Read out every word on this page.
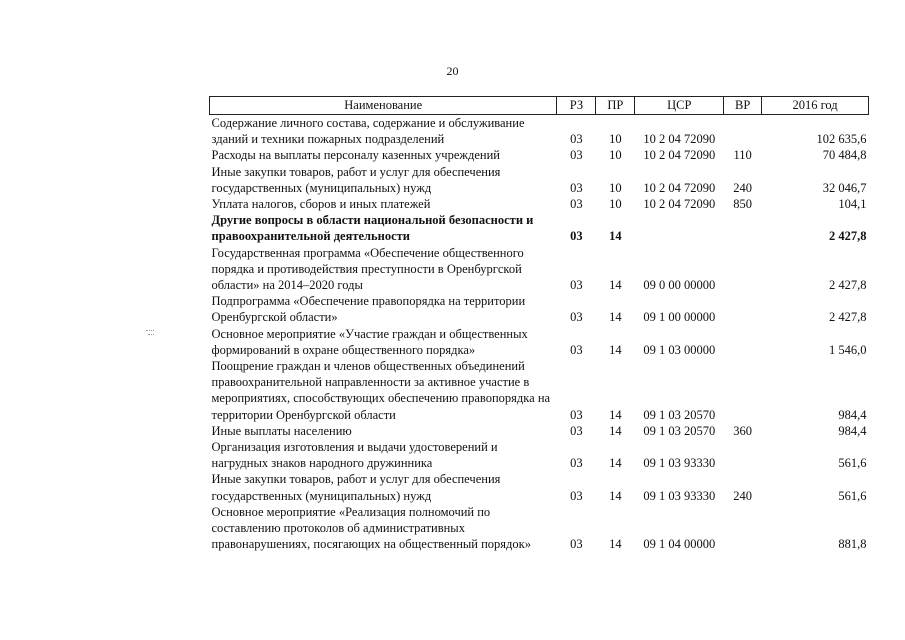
20
Наименование	РЗ	ПР	ЦСР	ВР	2016 год
Содержание личного состава, содержание и обслуживание зданий и техники пожарных подразделений	03	10	10 2 04 72090		102 635,6
Расходы на выплаты персоналу казенных учреждений	03	10	10 2 04 72090	110	70 484,8
Иные закупки товаров, работ и услуг для обеспечения государственных (муниципальных) нужд	03	10	10 2 04 72090	240	32 046,7
Уплата налогов, сборов и иных платежей	03	10	10 2 04 72090	850	104,1
Другие вопросы в области национальной безопасности и правоохранительной деятельности	03	14			2 427,8
Государственная программа «Обеспечение общественного порядка и противодействия преступности в Оренбургской области» на 2014–2020 годы	03	14	09 0 00 00000		2 427,8
Подпрограмма «Обеспечение правопорядка на территории Оренбургской области»	03	14	09 1 00 00000		2 427,8
Основное мероприятие «Участие граждан и общественных формирований в охране общественного порядка»	03	14	09 1 03 00000		1 546,0
Поощрение граждан и членов общественных объединений правоохранительной направленности за активное участие в мероприятиях, способствующих обеспечению правопорядка на территории Оренбургской области	03	14	09 1 03 20570		984,4
Иные выплаты населению	03	14	09 1 03 20570	360	984,4
Организация изготовления и выдачи удостоверений и нагрудных знаков народного дружинника	03	14	09 1 03 93330		561,6
Иные закупки товаров, работ и услуг для обеспечения государственных (муниципальных) нужд	03	14	09 1 03 93330	240	561,6
Основное мероприятие «Реализация полномочий по составлению протоколов об административных правонарушениях, посягающих на общественный порядок»	03	14	09 1 04 00000		881,8
